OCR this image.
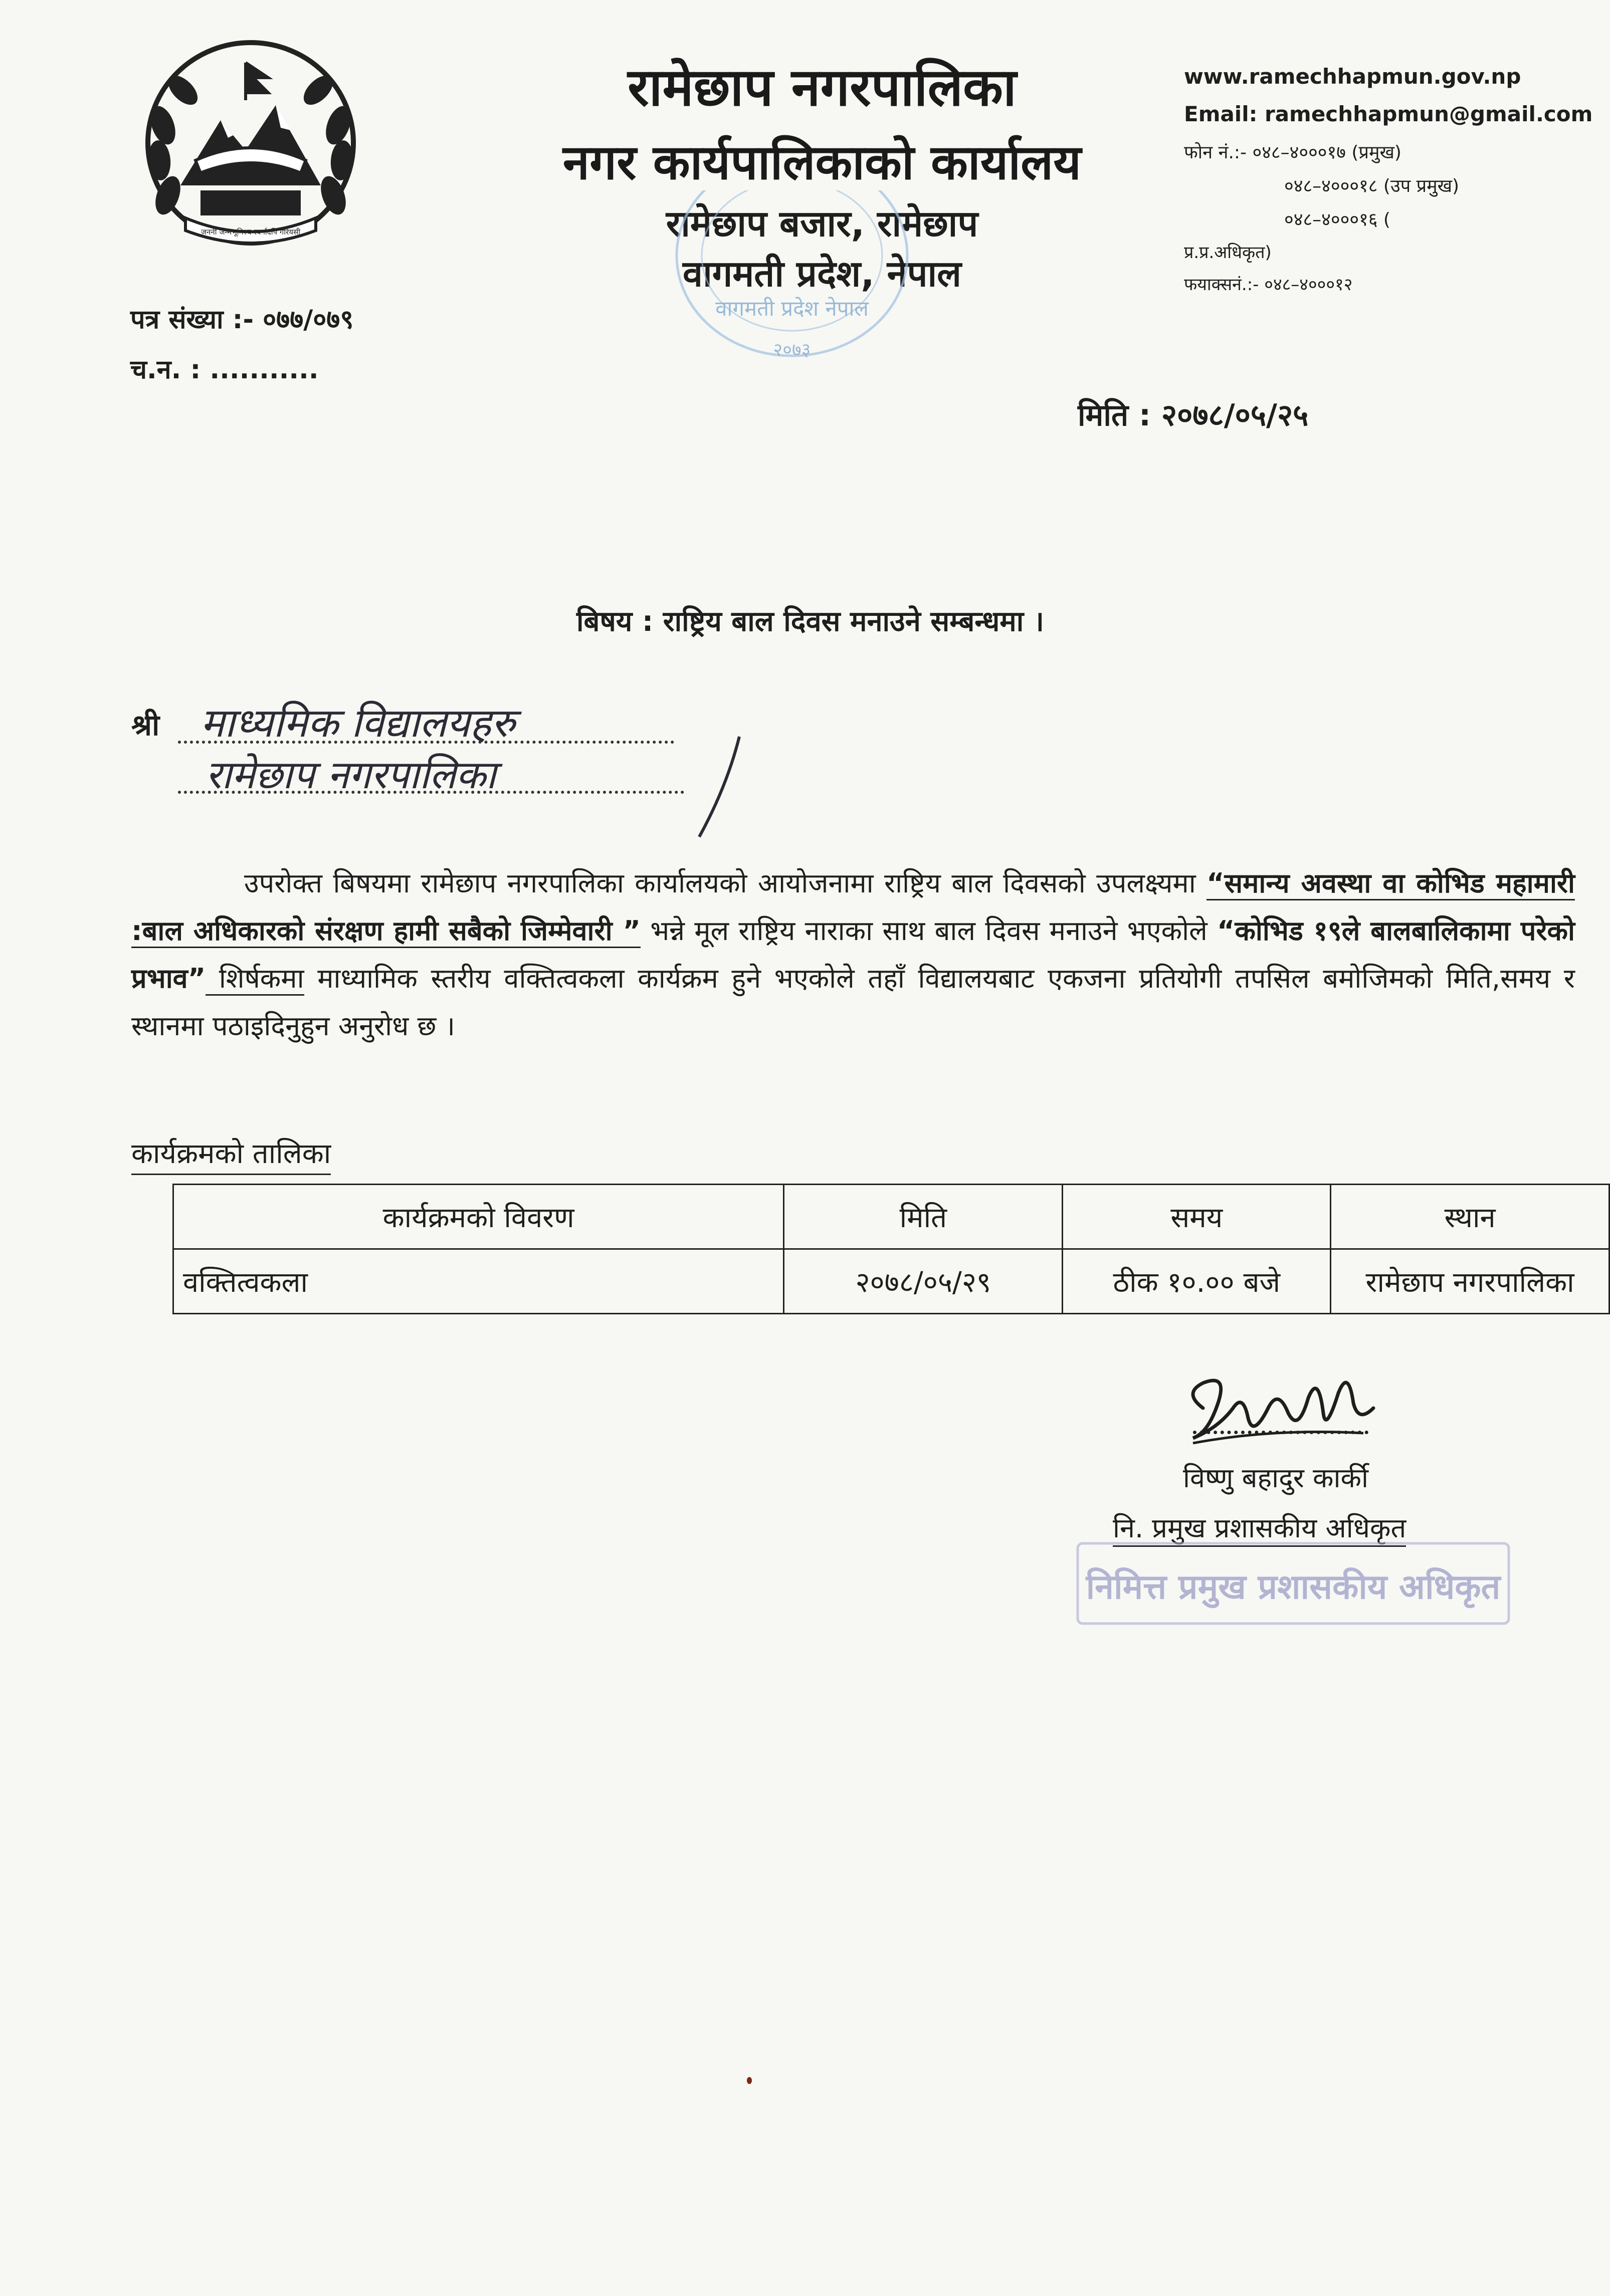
जननी जन्मभूमिश्च स्वर्गादपि गरियसी
रामेछाप नगरपालिका
नगर कार्यपालिकाको कार्यालय
रामेछाप बजार, रामेछाप
वागमती प्रदेश, नेपाल
वागमती प्रदेश नेपाल
२०७३
www.ramechhapmun.gov.np
Email: ramechhapmun@gmail.com
फोन नं.:- ०४८–४०००१७ (प्रमुख)
०४८–४०००१८ (उप प्रमुख)
०४८–४०००१६ (
प्र.प्र.अधिकृत)
फयाक्सनं.:- ०४८–४०००१२
पत्र संख्या :- ०७७/०७९
च.न. : ...........
मिति : २०७८/०५/२५
बिषय : राष्ट्रिय बाल दिवस मनाउने सम्बन्धमा ।
श्री माध्यमिक विद्यालयहरु
रामेछाप नगरपालिका

उपरोक्त बिषयमा रामेछाप नगरपालिका कार्यालयको आयोजनामा राष्ट्रिय बाल दिवसको उपलक्ष्यमा “समान्य अवस्था वा कोभिड महामारी :बाल अधिकारको संरक्षण हामी सबैको जिम्मेवारी ” भन्ने मूल राष्ट्रिय नाराका साथ बाल दिवस मनाउने भएकोले “कोभिड १९ले बालबालिकामा परेको प्रभाव” शिर्षकमा माध्यामिक स्तरीय वक्तित्वकला कार्यक्रम हुने भएकोले तहाँ विद्यालयबाट एकजना प्रतियोगी तपसिल बमोजिमको मिति,समय र स्थानमा पठाइदिनुहुन अनुरोध छ ।

कार्यक्रमको तालिका
कार्यक्रमको विवरण	मिति	समय	स्थान
वक्तित्वकला	२०७८/०५/२९	ठीक १०.०० बजे	रामेछाप नगरपालिका
विष्णु बहादुर कार्की
नि. प्रमुख प्रशासकीय अधिकृत
निमित्त प्रमुख प्रशासकीय अधिकृत
